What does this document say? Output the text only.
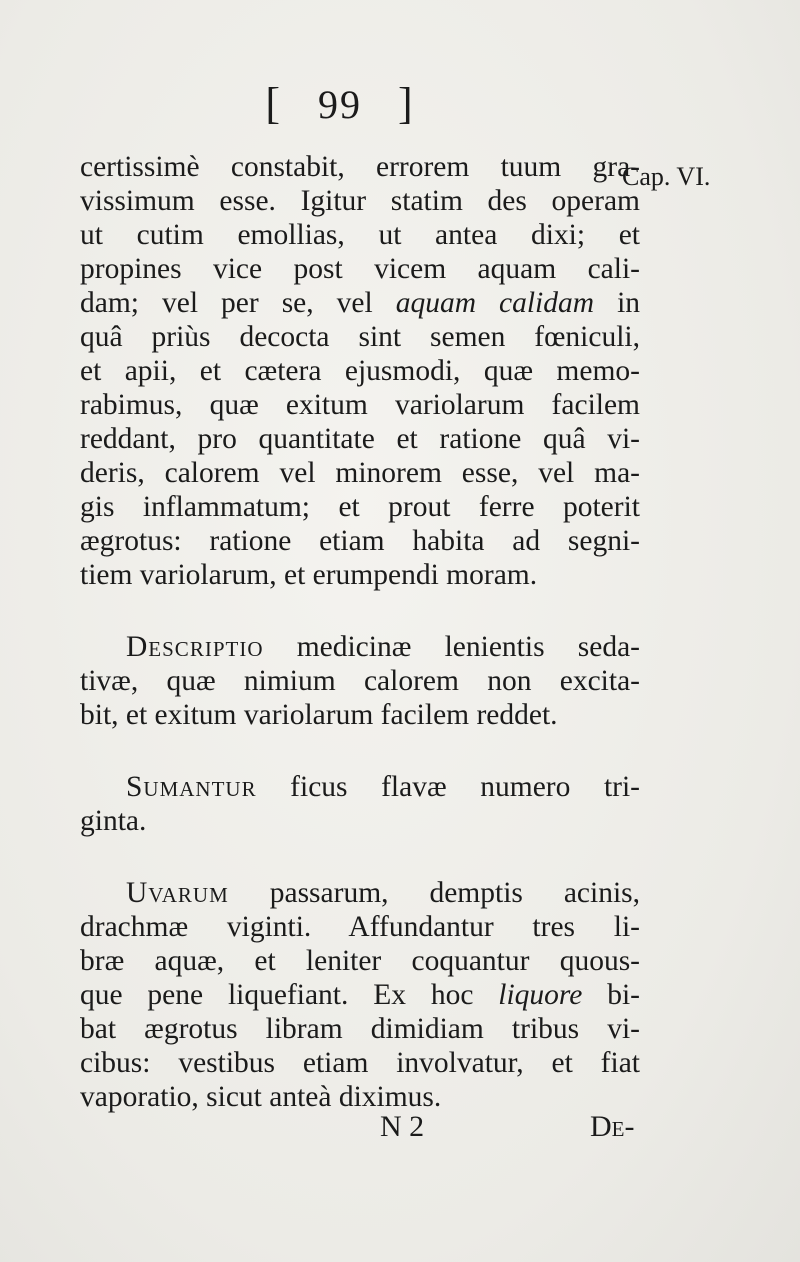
[ 99 ]
Cap. VI.
certissimè constabit, errorem tuum gra-
vissimum esse. Igitur statim des operam
ut cutim emollias, ut antea dixi; et
propines vice post vicem aquam cali-
dam; vel per se, vel aquam calidam in
quâ priùs decocta sint semen fœniculi,
et apii, et cætera ejusmodi, quæ memo-
rabimus, quæ exitum variolarum facilem
reddant, pro quantitate et ratione quâ vi-
deris, calorem vel minorem esse, vel ma-
gis inflammatum; et prout ferre poterit
ægrotus: ratione etiam habita ad segni-
tiem variolarum, et erumpendi moram.
Descriptio medicinæ lenientis seda-
tivæ, quæ nimium calorem non excita-
bit, et exitum variolarum facilem reddet.
Sumantur ficus flavæ numero tri-
ginta.
Uvarum passarum, demptis acinis,
drachmæ viginti. Affundantur tres li-
bræ aquæ, et leniter coquantur quous-
que pene liquefiant. Ex hoc liquore bi-
bat ægrotus libram dimidiam tribus vi-
cibus: vestibus etiam involvatur, et fiat
vaporatio, sicut anteà diximus.
N 2	De-
